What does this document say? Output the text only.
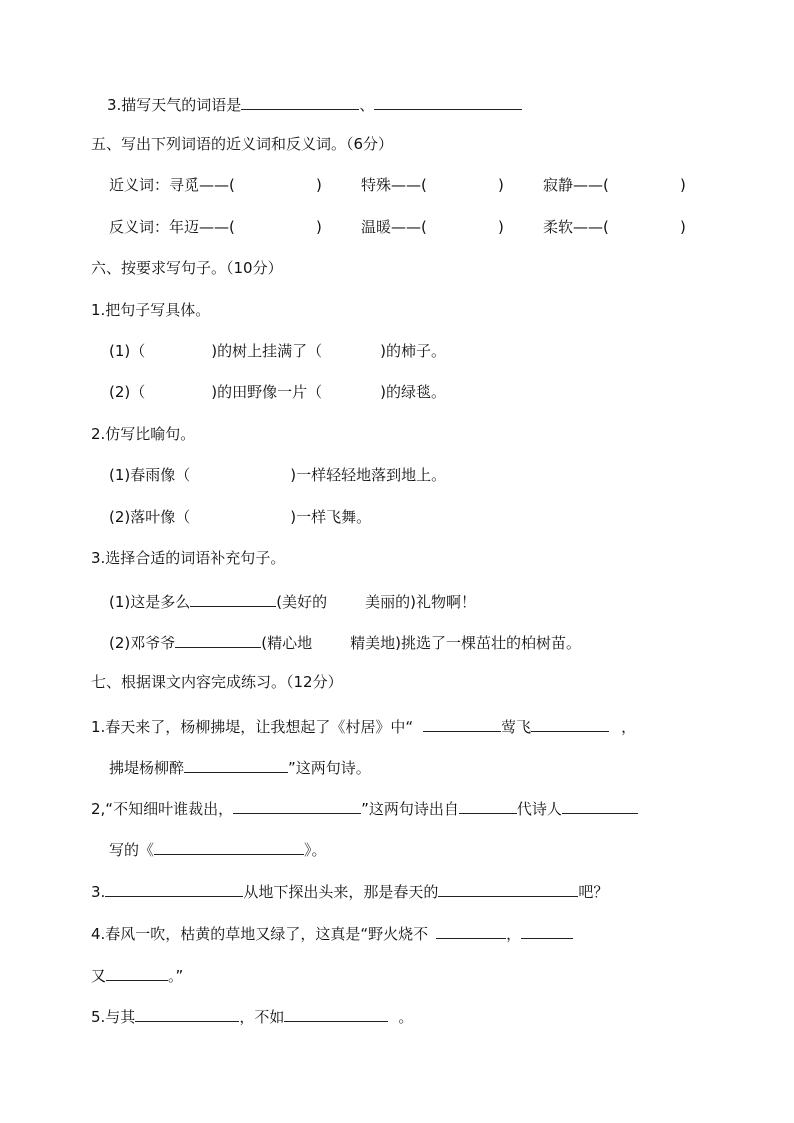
3.描写天气的词语是	、
五、写出下列词语的近义词和反义词。（6分）
近义词：寻觅——(	)	特殊——(	)	寂静——(	)
反义词：年迈——(	)	温暖——(	)	柔软——(	)
六、按要求写句子。（10分）
1.把句子写具体。
(1)（	)的树上挂满了（	)的柿子。
(2)（	)的田野像一片（	)的绿毯。
2.仿写比喻句。
(1)春雨像（	)一样轻轻地落到地上。
(2)落叶像（	)一样飞舞。
3.选择合适的词语补充句子。
(1)这是多么	(美好的	美丽的)礼物啊！
(2)邓爷爷	(精心地	精美地)挑选了一棵茁壮的柏树苗。
七、根据课文内容完成练习。（12分）
1.春天来了，杨柳拂堤，让我想起了《村居》中“	莺飞	，
拂堤杨柳醉	”这两句诗。
2,“不知细叶谁裁出，	”这两句诗出自	代诗人
写的《	》。
3.	从地下探出头来，那是春天的	吧？
4.春风一吹，枯黄的草地又绿了，这真是“野火烧不	，
又	。”
5.与其	，不如	。
